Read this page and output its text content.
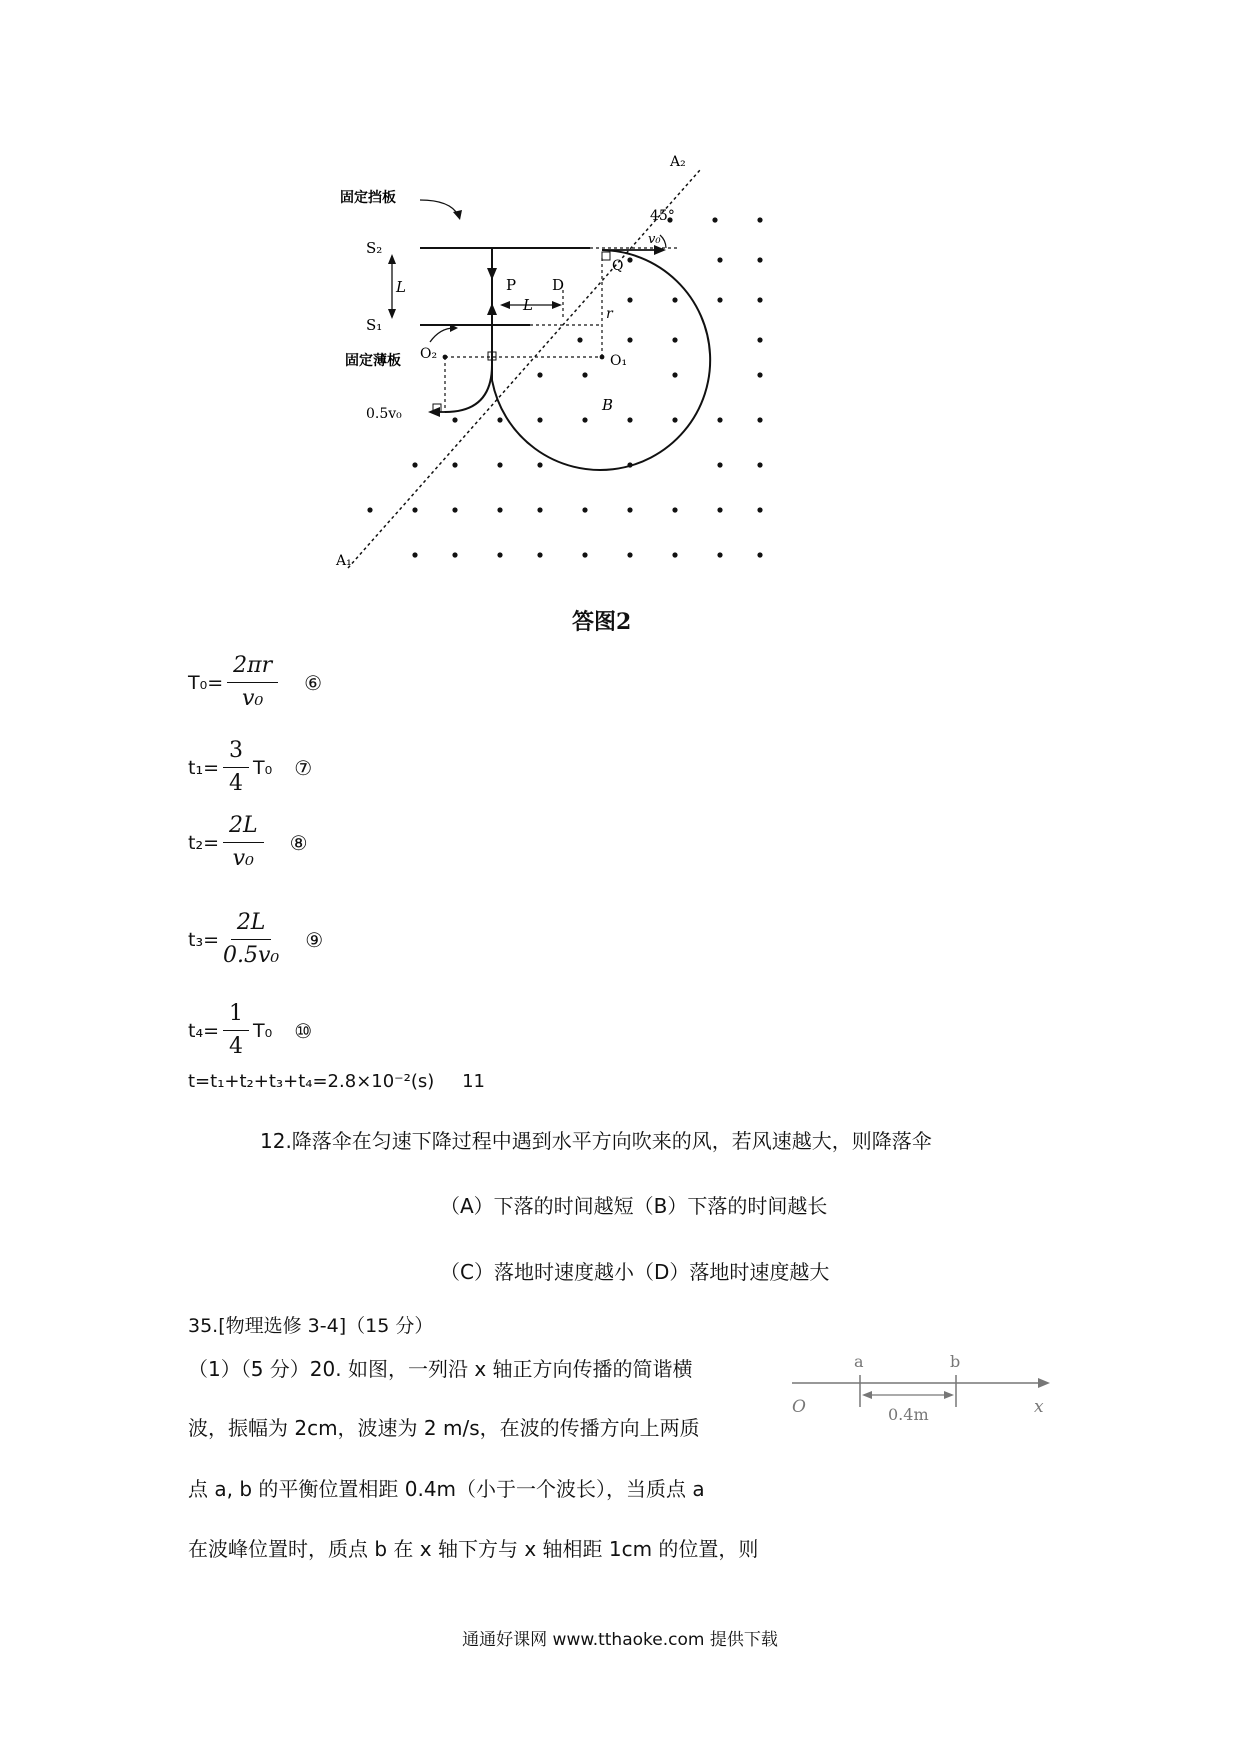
固定挡板
固定薄板
S₂
S₁
L	P D
L
A₂
A₁
45°
v₀
Q
r
O₁
O₂
B
0.5v₀
答图2
$T_0= \frac{2\pi r}{\text{v₀}}$ ⑥
$t_1= \frac{3}{4} T_0$ ⑦
$t_2= \frac{2L}{\text{v₀}}$ ⑧
$t_3= \frac{2L}{\text{0.5v₀}}$ ⑨
$t_4= \frac{1}{4} T_0$ ⑩
t=t₁+t₂+t₃+t₄=2.8×10⁻²(s) 11
12.降落伞在匀速下降过程中遇到水平方向吹来的风，若风速越大，则降落伞
（A）下落的时间越短（B）下落的时间越长
（C）落地时速度越小（D）落地时速度越大
35.[物理选修 3-4]（15 分）
（1）（5 分）20. 如图，一列沿 x 轴正方向传播的简谐横
波，振幅为 2cm，波速为 2 m/s，在波的传播方向上两质
点 a, b 的平衡位置相距 0.4m（小于一个波长），当质点 a
在波峰位置时，质点 b 在 x 轴下方与 x 轴相距 1cm 的位置，则
O	x
a	b
0.4m
通通好课网 www.tthaoke.com 提供下载
